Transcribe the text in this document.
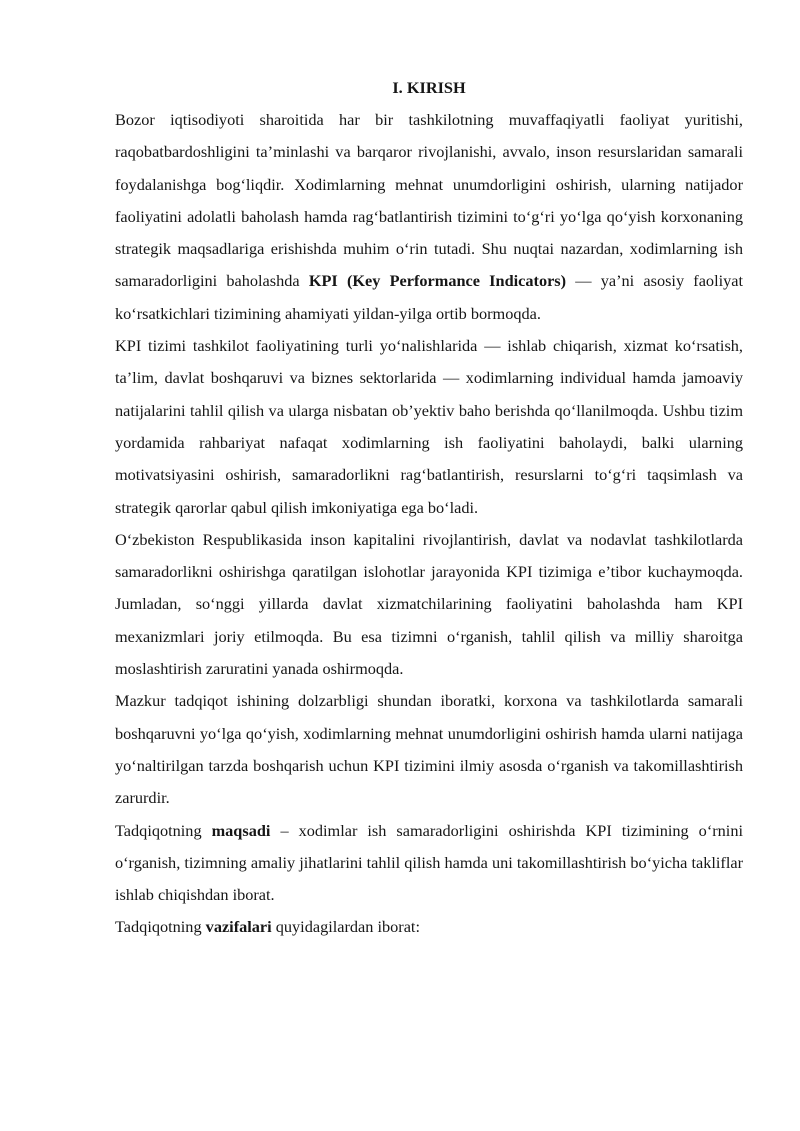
I. KIRISH

Bozor iqtisodiyoti sharoitida har bir tashkilotning muvaffaqiyatli faoliyat yuritishi, raqobatbardoshligini ta’minlashi va barqaror rivojlanishi, avvalo, inson resurslaridan samarali foydalanishga bog‘liqdir. Xodimlarning mehnat unumdorligini oshirish, ularning natijador faoliyatini adolatli baholash hamda rag‘batlantirish tizimini to‘g‘ri yo‘lga qo‘yish korxonaning strategik maqsadlariga erishishda muhim o‘rin tutadi. Shu nuqtai nazardan, xodimlarning ish samaradorligini baholashda KPI (Key Performance Indicators) — ya’ni asosiy faoliyat ko‘rsatkichlari tizimining ahamiyati yildan-yilga ortib bormoqda.

KPI tizimi tashkilot faoliyatining turli yo‘nalishlarida — ishlab chiqarish, xizmat ko‘rsatish, ta’lim, davlat boshqaruvi va biznes sektorlarida — xodimlarning individual hamda jamoaviy natijalarini tahlil qilish va ularga nisbatan ob’yektiv baho berishda qo‘llanilmoqda. Ushbu tizim yordamida rahbariyat nafaqat xodimlarning ish faoliyatini baholaydi, balki ularning motivatsiyasini oshirish, samaradorlikni rag‘batlantirish, resurslarni to‘g‘ri taqsimlash va strategik qarorlar qabul qilish imkoniyatiga ega bo‘ladi.

O‘zbekiston Respublikasida inson kapitalini rivojlantirish, davlat va nodavlat tashkilotlarda samaradorlikni oshirishga qaratilgan islohotlar jarayonida KPI tizimiga e’tibor kuchaymoqda. Jumladan, so‘nggi yillarda davlat xizmatchilarining faoliyatini baholashda ham KPI mexanizmlari joriy etilmoqda. Bu esa tizimni o‘rganish, tahlil qilish va milliy sharoitga moslashtirish zaruratini yanada oshirmoqda.

Mazkur tadqiqot ishining dolzarbligi shundan iboratki, korxona va tashkilotlarda samarali boshqaruvni yo‘lga qo‘yish, xodimlarning mehnat unumdorligini oshirish hamda ularni natijaga yo‘naltirilgan tarzda boshqarish uchun KPI tizimini ilmiy asosda o‘rganish va takomillashtirish zarurdir.

Tadqiqotning maqsadi – xodimlar ish samaradorligini oshirishda KPI tizimining o‘rnini o‘rganish, tizimning amaliy jihatlarini tahlil qilish hamda uni takomillashtirish bo‘yicha takliflar ishlab chiqishdan iborat.

Tadqiqotning vazifalari quyidagilardan iborat:
